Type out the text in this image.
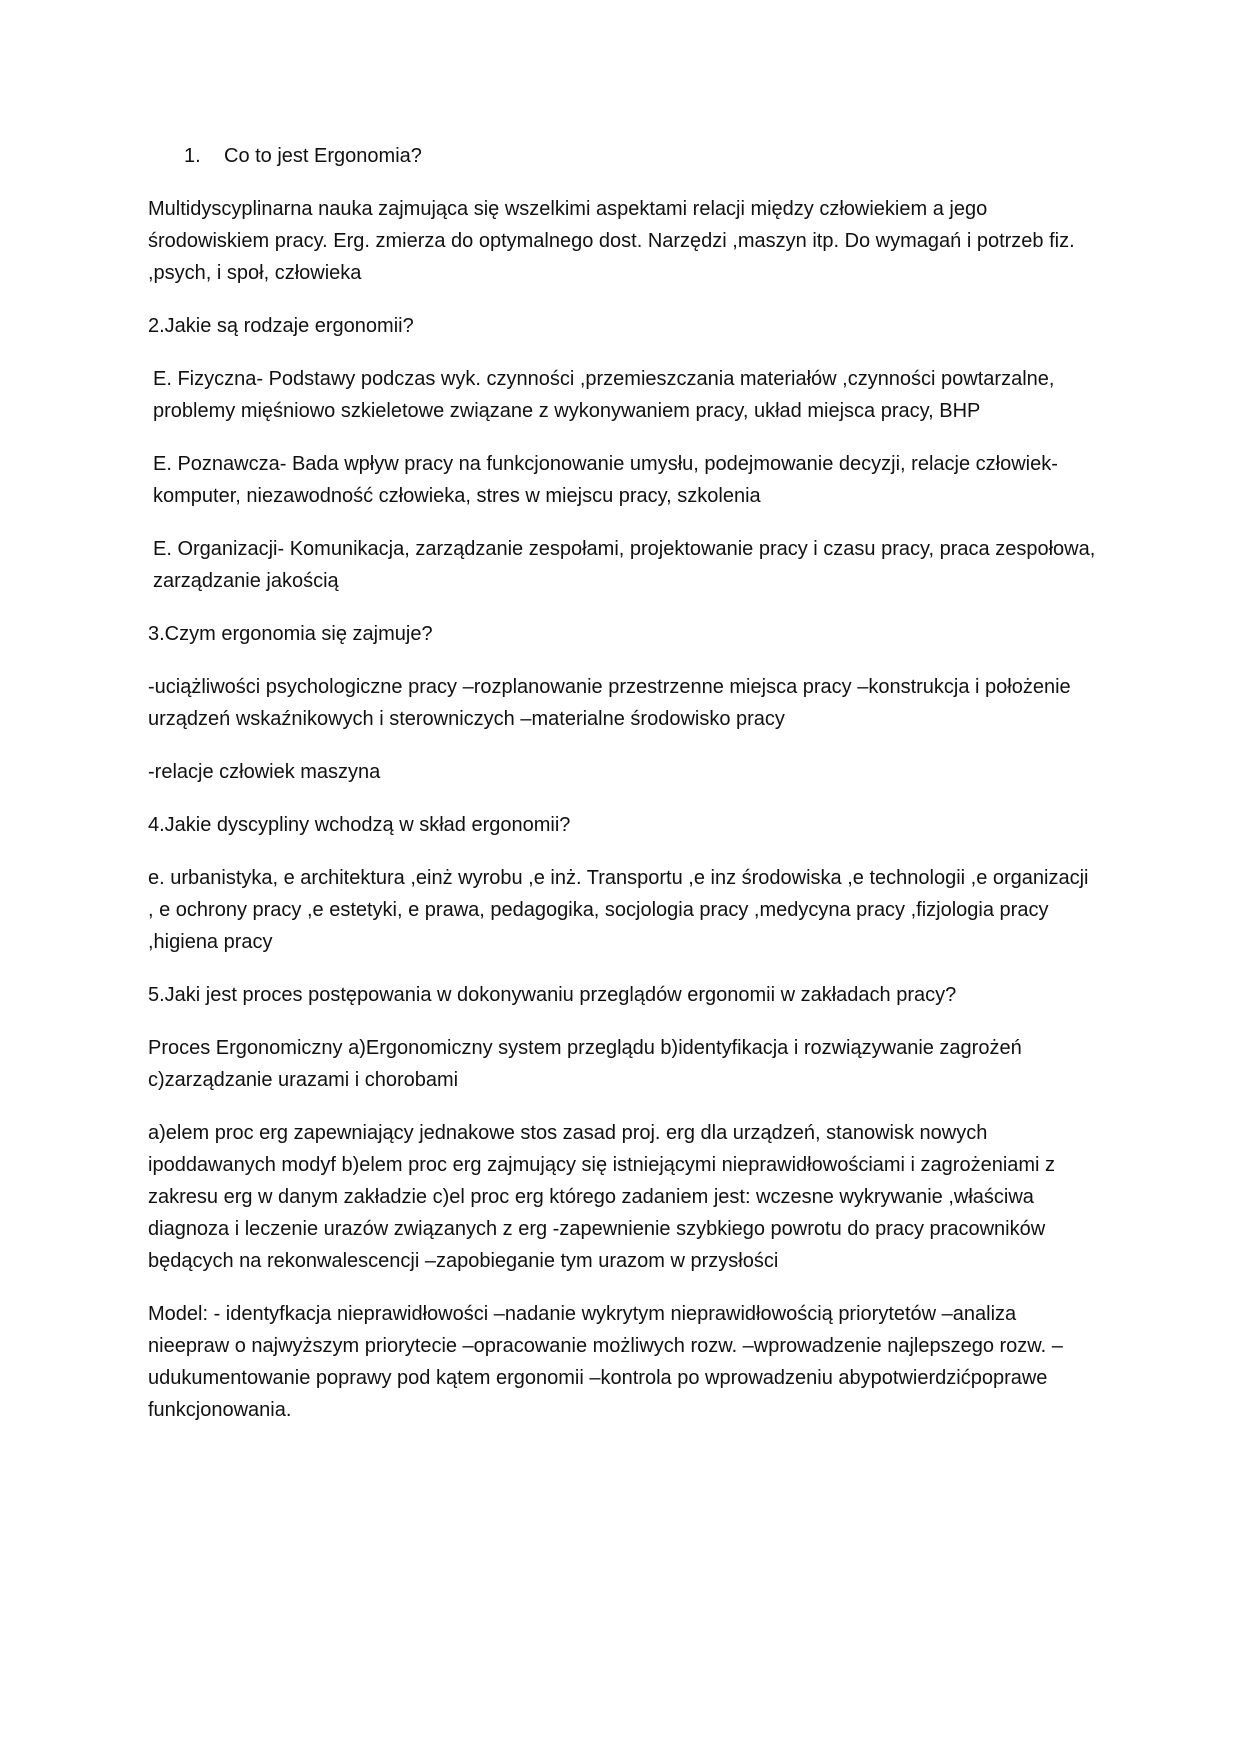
1.	Co to jest Ergonomia?

Multidyscyplinarna nauka zajmująca się wszelkimi aspektami relacji między człowiekiem a jego środowiskiem pracy. Erg. zmierza do optymalnego dost. Narzędzi ,maszyn itp. Do wymagań i potrzeb fiz. ,psych, i społ, człowieka

2.Jakie są rodzaje ergonomii?

E. Fizyczna- Podstawy podczas wyk. czynności ,przemieszczania materiałów ,czynności powtarzalne, problemy mięśniowo szkieletowe związane z wykonywaniem pracy, układ miejsca pracy, BHP

E. Poznawcza- Bada wpływ pracy na funkcjonowanie umysłu, podejmowanie decyzji, relacje człowiek-komputer, niezawodność człowieka, stres w miejscu pracy, szkolenia

E. Organizacji- Komunikacja, zarządzanie zespołami, projektowanie pracy i czasu pracy, praca zespołowa, zarządzanie jakością

3.Czym ergonomia się zajmuje?

-uciążliwości psychologiczne pracy –rozplanowanie przestrzenne miejsca pracy –konstrukcja i położenie urządzeń wskaźnikowych i sterowniczych –materialne środowisko pracy

-relacje człowiek maszyna

4.Jakie dyscypliny wchodzą w skład ergonomii?

e. urbanistyka, e architektura ,einż wyrobu ,e inż. Transportu ,e inz środowiska ,e technologii ,e organizacji , e ochrony pracy ,e estetyki, e prawa, pedagogika, socjologia pracy ,medycyna pracy ,fizjologia pracy ,higiena pracy

5.Jaki jest proces postępowania w dokonywaniu przeglądów ergonomii w zakładach pracy?

Proces Ergonomiczny a)Ergonomiczny system przeglądu b)identyfikacja i rozwiązywanie zagrożeń c)zarządzanie urazami i chorobami

a)elem proc erg zapewniający jednakowe stos zasad proj. erg dla urządzeń, stanowisk nowych ipoddawanych modyf b)elem proc erg zajmujący się istniejącymi nieprawidłowościami i zagrożeniami z zakresu erg w danym zakładzie c)el proc erg którego zadaniem jest: wczesne wykrywanie ,właściwa diagnoza i leczenie urazów związanych z erg -zapewnienie szybkiego powrotu do pracy pracowników będących na rekonwalescencji –zapobieganie tym urazom w przysłości

Model: - identyfkacja nieprawidłowości –nadanie wykrytym nieprawidłowością priorytetów –analiza nieepraw o najwyższym priorytecie –opracowanie możliwych rozw. –wprowadzenie najlepszego rozw. –udukumentowanie poprawy pod kątem ergonomii –kontrola po wprowadzeniu abypotwierdzićpoprawe funkcjonowania.
